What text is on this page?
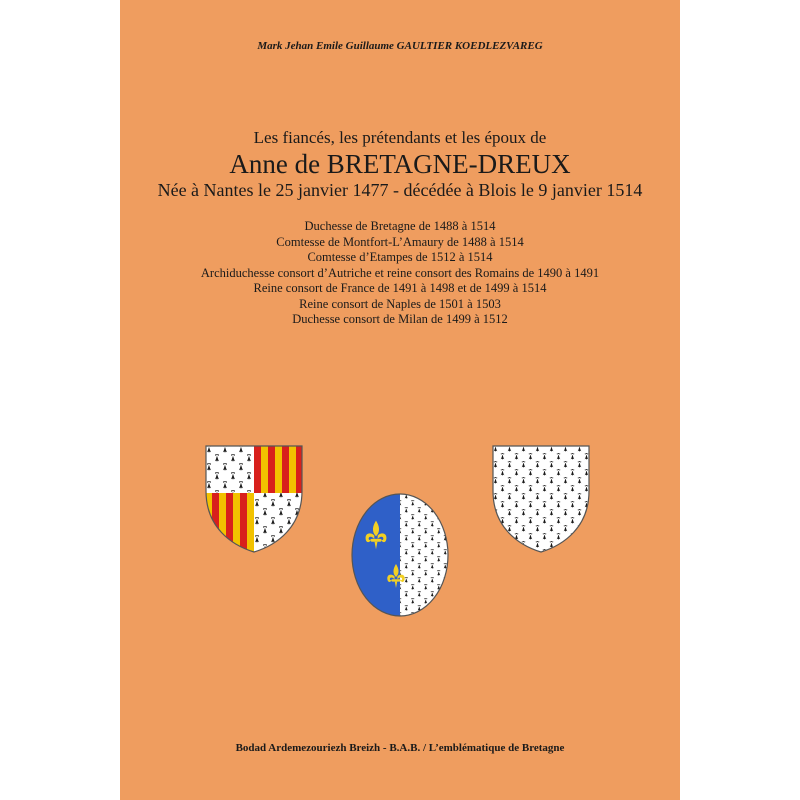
Mark Jehan Emile Guillaume GAULTIER KOEDLEZVAREG
Les fiancés, les prétendants et les époux de
Anne de BRETAGNE-DREUX
Née à Nantes le 25 janvier 1477 - décédée à Blois le 9 janvier 1514
Duchesse de Bretagne de 1488 à 1514
Comtesse de Montfort-L’Amaury de 1488 à 1514
Comtesse d’Etampes de 1512 à 1514
Archiduchesse consort d’Autriche et reine consort des Romains de 1490 à 1491
Reine consort de France de 1491 à 1498 et de 1499 à 1514
Reine consort de Naples de 1501 à 1503
Duchesse consort de Milan de 1499 à 1512
Bodad Ardemezouriezh Breizh - B.A.B. / L’emblématique de Bretagne
